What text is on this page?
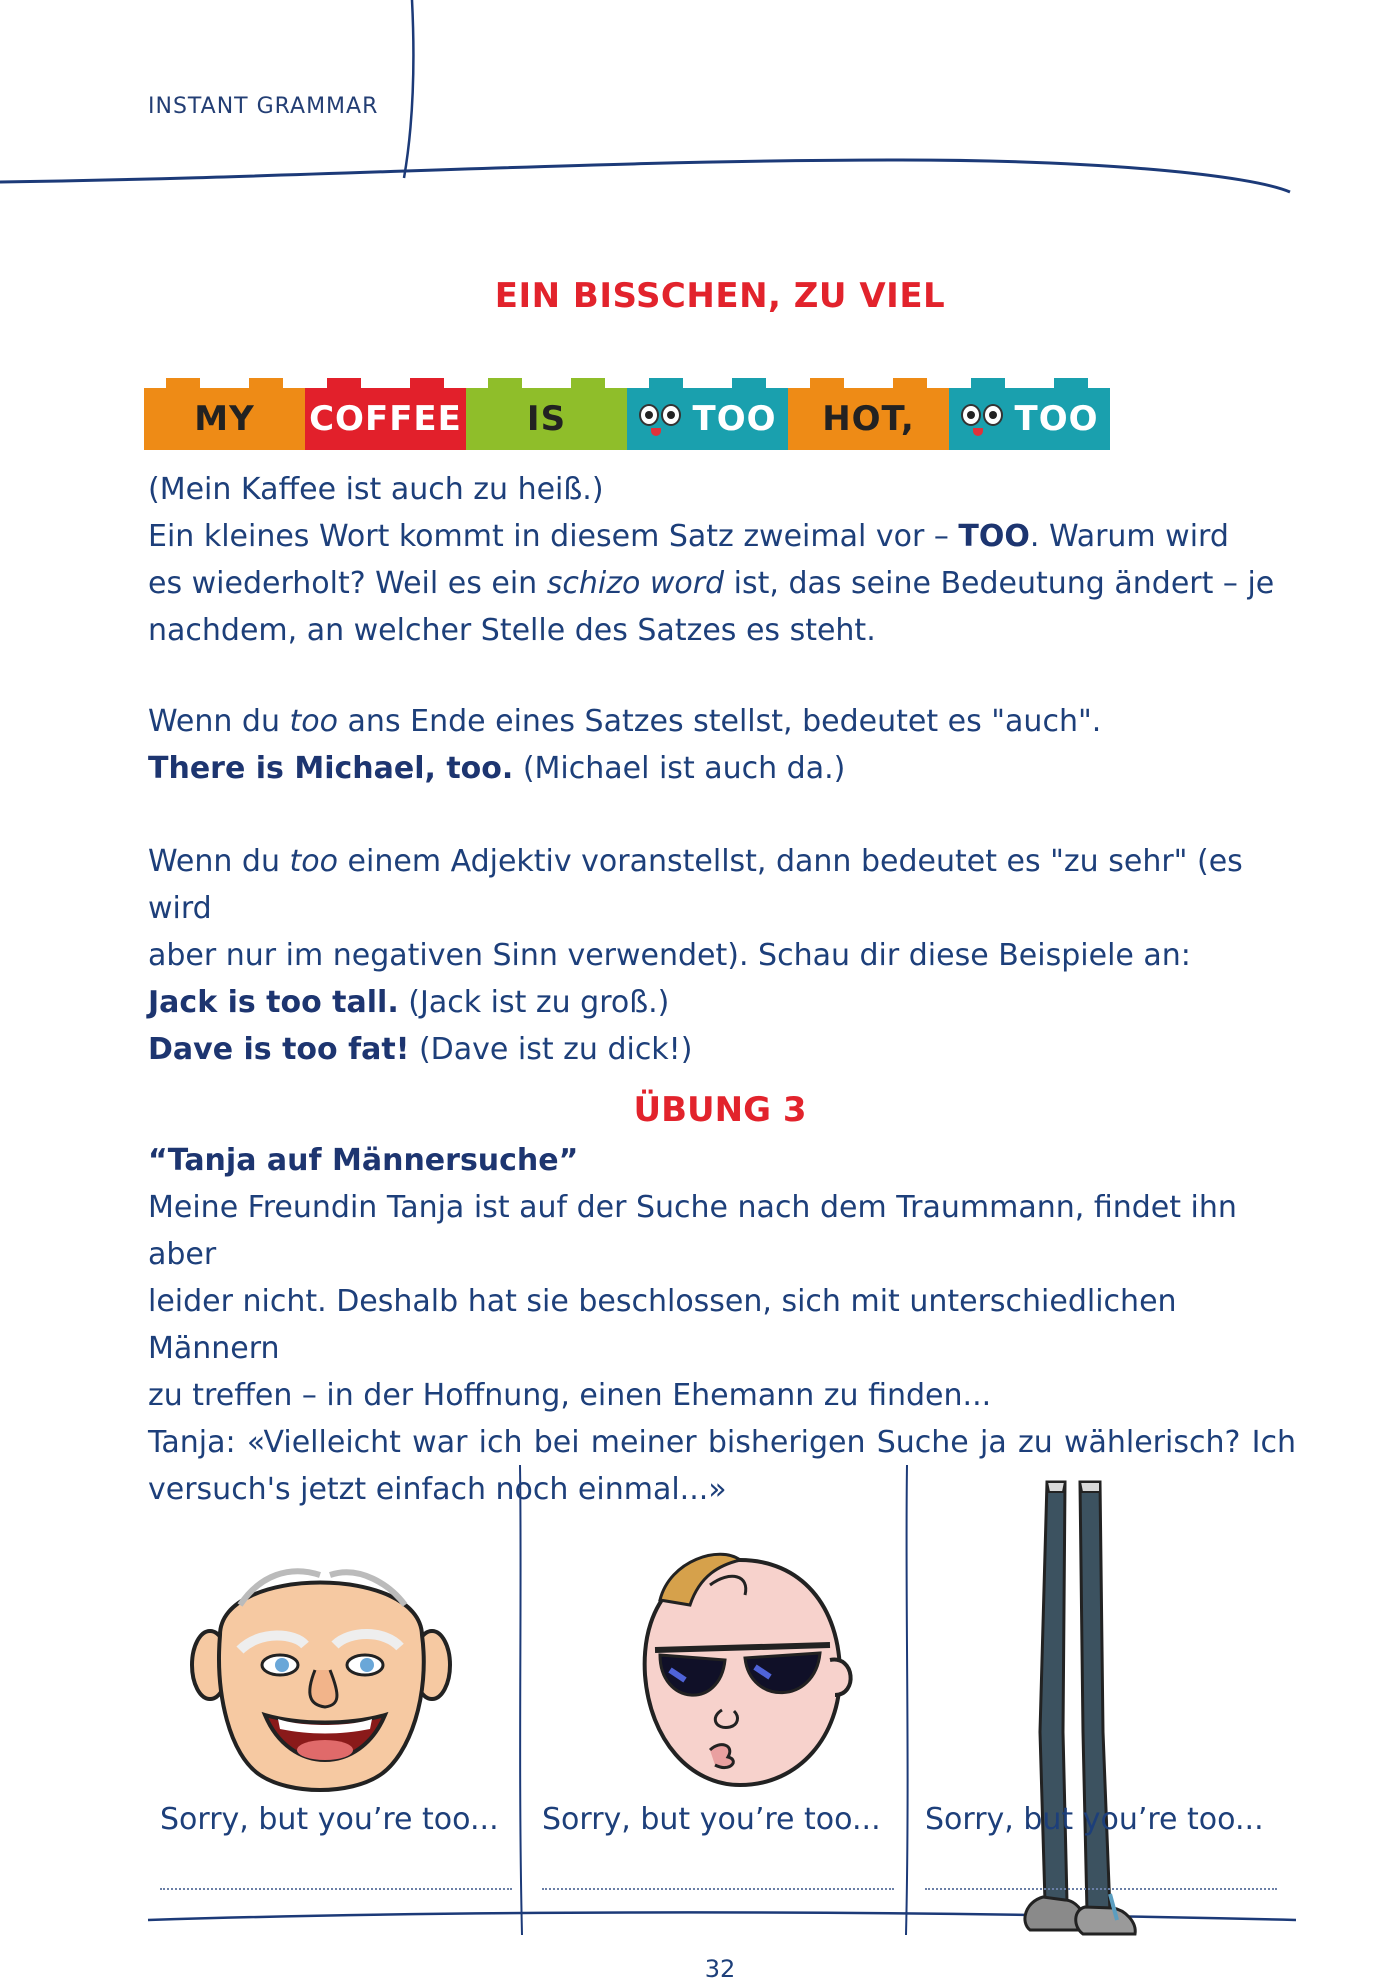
INSTANT GRAMMAR
EIN BISSCHEN, ZU VIEL
MY COFFEE IS	TOO HOT,	TOO

(Mein Kaffee ist auch zu heiß.)

Ein kleines Wort kommt in diesem Satz zweimal vor – TOO. Warum wird

es wiederholt? Weil es ein schizo word ist, das seine Bedeutung ändert – je

nachdem, an welcher Stelle des Satzes es steht.

Wenn du too ans Ende eines Satzes stellst, bedeutet es "auch".

There is Michael, too. (Michael ist auch da.)

Wenn du too einem Adjektiv voranstellst, dann bedeutet es "zu sehr" (es wird

aber nur im negativen Sinn verwendet). Schau dir diese Beispiele an:

Jack is too tall. (Jack ist zu groß.)

Dave is too fat! (Dave ist zu dick!)

ÜBUNG 3

“Tanja auf Männersuche”

Meine Freundin Tanja ist auf der Suche nach dem Traummann, findet ihn aber

leider nicht. Deshalb hat sie beschlossen, sich mit unterschiedlichen Männern

zu treffen – in der Hoffnung, einen Ehemann zu finden...

Tanja: «Vielleicht war ich bei meiner bisherigen Suche ja zu wählerisch? Ich

versuch's jetzt einfach noch einmal...»

Sorry, but you’re too... Sorry, but you’re too... Sorry, but you’re too...
32
